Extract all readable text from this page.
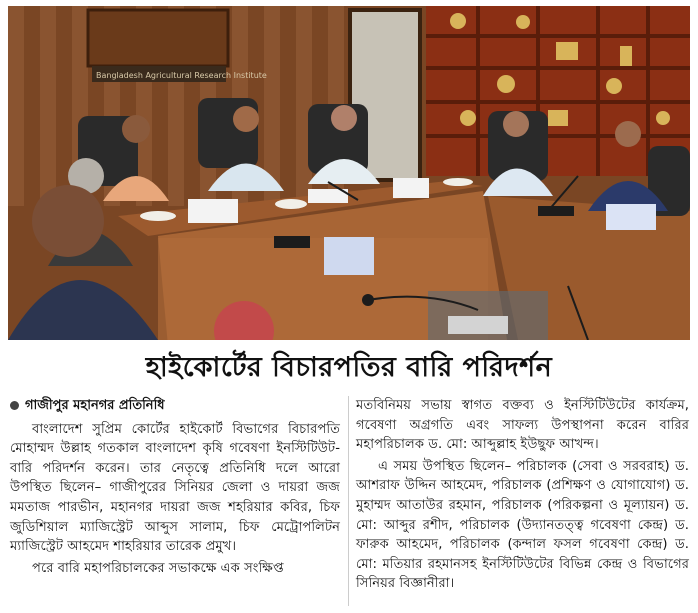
Bangladesh Agricultural Research Institute
হাইকোর্টের বিচারপতির বারি পরিদর্শন
গাজীপুর মহানগর প্রতিনিধি

বাংলাদেশ সুপ্রিম কোর্টের হাইকোর্ট বিভাগের বিচারপতি মোহাম্মদ উল্লাহ গতকাল বাংলাদেশ কৃষি গবেষণা ইনস্টিটিউট-বারি পরিদর্শন করেন। তার নেতৃত্বে প্রতিনিধি দলে আরো উপস্থিত ছিলেন– গাজীপুরের সিনিয়র জেলা ও দায়রা জজ মমতাজ পারভীন, মহানগর দায়রা জজ শহরিয়ার কবির, চিফ জুডিশিয়াল ম্যাজিস্ট্রেট আব্দুস সালাম, চিফ মেট্রোপলিটন ম্যাজিস্ট্রেট আহমেদ শাহরিয়ার তারেক প্রমুখ।

পরে বারি মহাপরিচালকের সভাকক্ষে এক সংক্ষিপ্ত

মতবিনিময় সভায় স্বাগত বক্তব্য ও ইনস্টিটিউটের কার্যক্রম, গবেষণা অগ্রগতি এবং সাফল্য উপস্থাপনা করেন বারির মহাপরিচালক ড. মো: আব্দুল্লাহ ইউছুফ আখন্দ।

এ সময় উপস্থিত ছিলেন– পরিচালক (সেবা ও সরবরাহ) ড. আশরাফ উদ্দিন আহমেদ, পরিচালক (প্রশিক্ষণ ও যোগাযোগ) ড. মুহাম্মদ আতাউর রহমান, পরিচালক (পরিকল্পনা ও মূল্যায়ন) ড. মো: আব্দুর রশীদ, পরিচালক (উদ্যানতত্ত্ব গবেষণা কেন্দ্র) ড. ফারুক আহমেদ, পরিচালক (কন্দাল ফসল গবেষণা কেন্দ্র) ড. মো: মতিয়ার রহমানসহ ইনস্টিটিউটের বিভিন্ন কেন্দ্র ও বিভাগের সিনিয়র বিজ্ঞানীরা।
